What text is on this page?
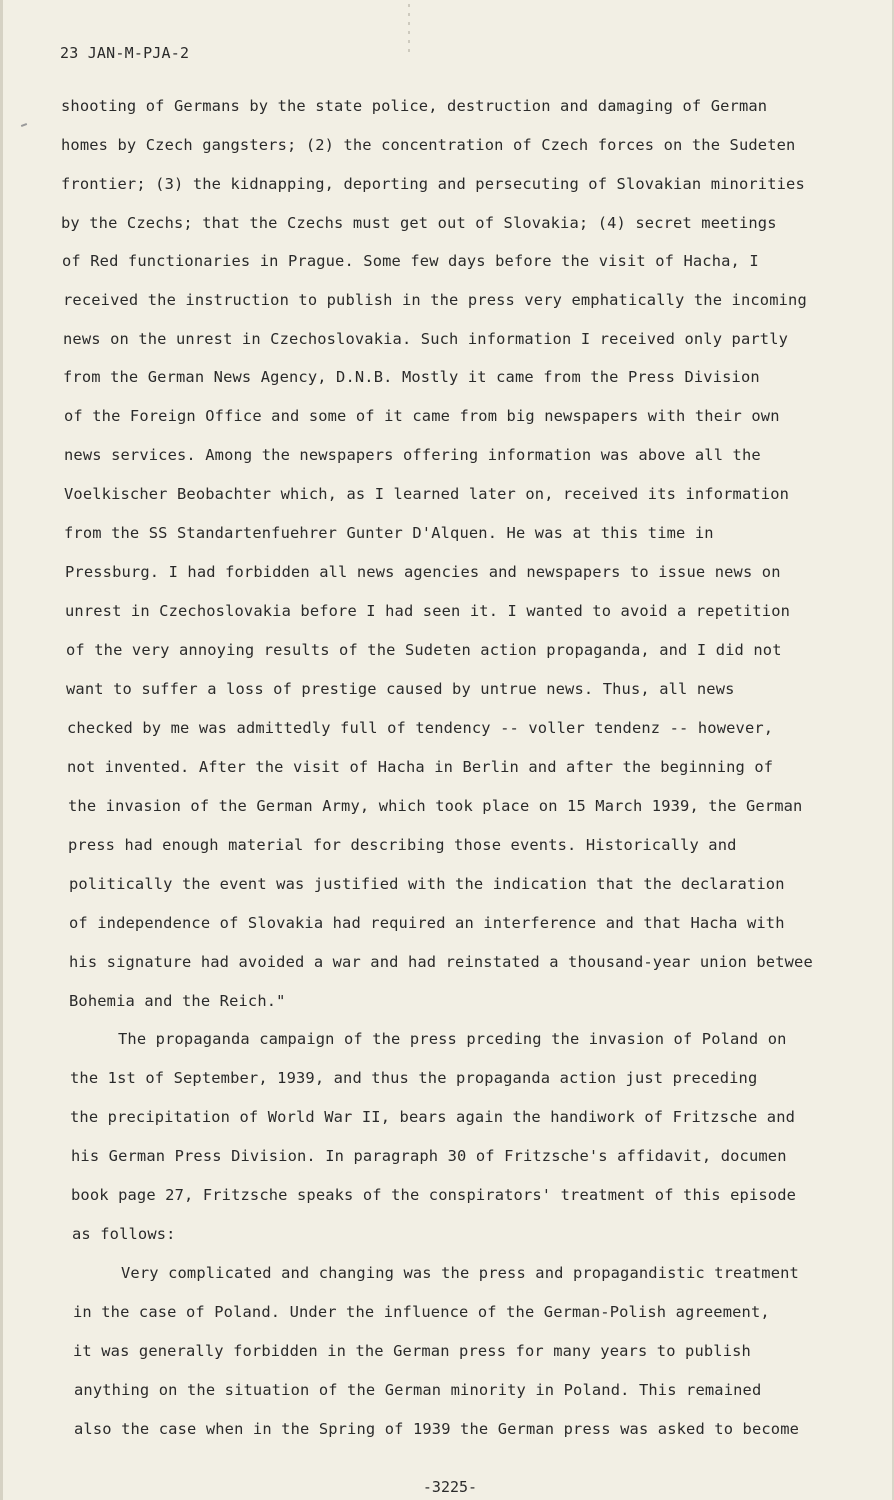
23 JAN-M-PJA-2
shooting of Germans by the state police, destruction and damaging of German
homes by Czech gangsters; (2) the concentration of Czech forces on the Sudeten
frontier; (3) the kidnapping, deporting and persecuting of Slovakian minorities
by the Czechs; that the Czechs must get out of Slovakia; (4) secret meetings
of Red functionaries in Prague. Some few days before the visit of Hacha, I
received the instruction to publish in the press very emphatically the incoming
news on the unrest in Czechoslovakia. Such information I received only partly
from the German News Agency, D.N.B. Mostly it came from the Press Division
of the Foreign Office and some of it came from big newspapers with their own
news services. Among the newspapers offering information was above all the
Voelkischer Beobachter which, as I learned later on, received its information
from the SS Standartenfuehrer Gunter D'Alquen. He was at this time in
Pressburg. I had forbidden all news agencies and newspapers to issue news on
unrest in Czechoslovakia before I had seen it. I wanted to avoid a repetition
of the very annoying results of the Sudeten action propaganda, and I did not
want to suffer a loss of prestige caused by untrue news. Thus, all news
checked by me was admittedly full of tendency -- voller tendenz -- however,
not invented. After the visit of Hacha in Berlin and after the beginning of
the invasion of the German Army, which took place on 15 March 1939, the German
press had enough material for describing those events. Historically and
politically the event was justified with the indication that the declaration
of independence of Slovakia had required an interference and that Hacha with
his signature had avoided a war and had reinstated a thousand-year union betwee
Bohemia and the Reich."
The propaganda campaign of the press prceding the invasion of Poland on
the 1st of September, 1939, and thus the propaganda action just preceding
the precipitation of World War II, bears again the handiwork of Fritzsche and
his German Press Division. In paragraph 30 of Fritzsche's affidavit, documen
book page 27, Fritzsche speaks of the conspirators' treatment of this episode
as follows:
Very complicated and changing was the press and propagandistic treatment
in the case of Poland. Under the influence of the German-Polish agreement,
it was generally forbidden in the German press for many years to publish
anything on the situation of the German minority in Poland. This remained
also the case when in the Spring of 1939 the German press was asked to become
-3225-
